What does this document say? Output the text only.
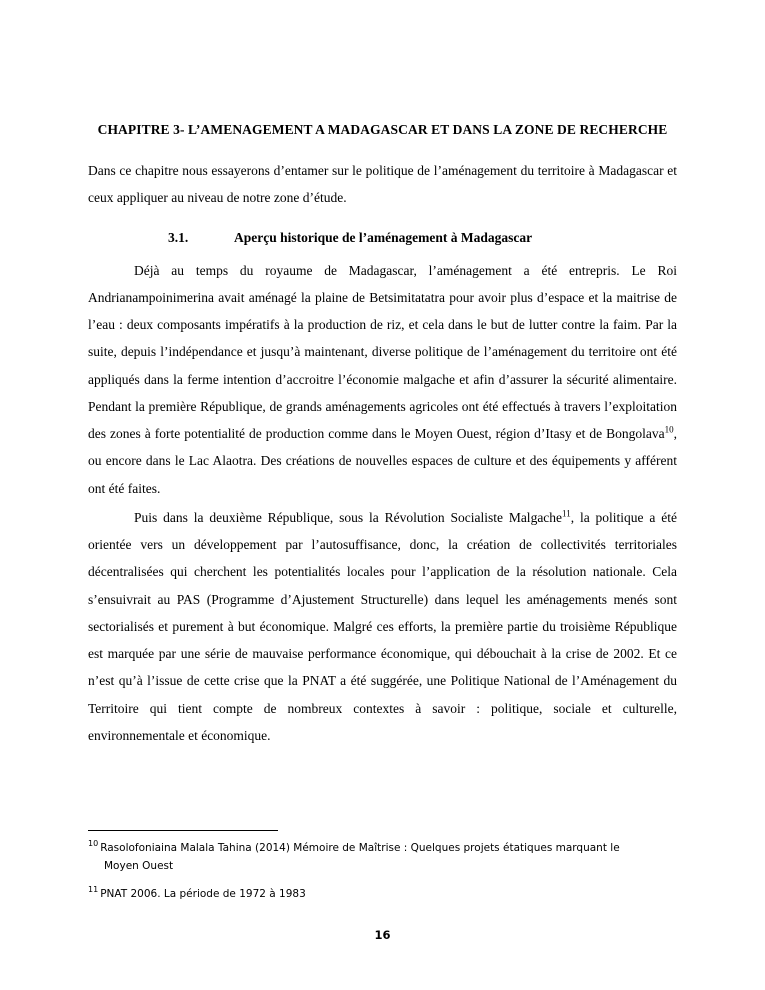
CHAPITRE 3- L’AMENAGEMENT A MADAGASCAR ET DANS LA ZONE DE RECHERCHE

Dans ce chapitre nous essayerons d’entamer sur le politique de l’aménagement du territoire à Madagascar et ceux appliquer au niveau de notre zone d’étude.

3.1.	Aperçu historique de l’aménagement à Madagascar

Déjà au temps du royaume de Madagascar, l’aménagement a été entrepris. Le Roi Andrianampoinimerina avait aménagé la plaine de Betsimitatatra pour avoir plus d’espace et la maitrise de l’eau : deux composants impératifs à la production de riz, et cela dans le but de lutter contre la faim. Par la suite, depuis l’indépendance et jusqu’à maintenant, diverse politique de l’aménagement du territoire ont été appliqués dans la ferme intention d’accroitre l’économie malgache et afin d’assurer la sécurité alimentaire. Pendant la première République, de grands aménagements agricoles ont été effectués à travers l’exploitation des zones à forte potentialité de production comme dans le Moyen Ouest, région d’Itasy et de Bongolava$^{10}$, ou encore dans le Lac Alaotra. Des créations de nouvelles espaces de culture et des équipements y afférent ont été faites.

Puis dans la deuxième République, sous la Révolution Socialiste Malgache$^{11}$, la politique a été orientée vers un développement par l’autosuffisance, donc, la création de collectivités territoriales décentralisées qui cherchent les potentialités locales pour l’application de la résolution nationale. Cela s’ensuivrait au PAS (Programme d’Ajustement Structurelle) dans lequel les aménagements menés sont sectorialisés et purement à but économique. Malgré ces efforts, la première partie du troisième République est marquée par une série de mauvaise performance économique, qui débouchait à la crise de 2002. Et ce n’est qu’à l’issue de cette crise que la PNAT a été suggérée, une Politique National de l’Aménagement du Territoire qui tient compte de nombreux contextes à savoir : politique, sociale et culturelle, environnementale et économique.

$^{10}$ Rasolofoniaina Malala Tahina (2014) Mémoire de Maîtrise : Quelques projets étatiques marquant le
Moyen Ouest
$^{11}$ PNAT 2006. La période de 1972 à 1983
16
